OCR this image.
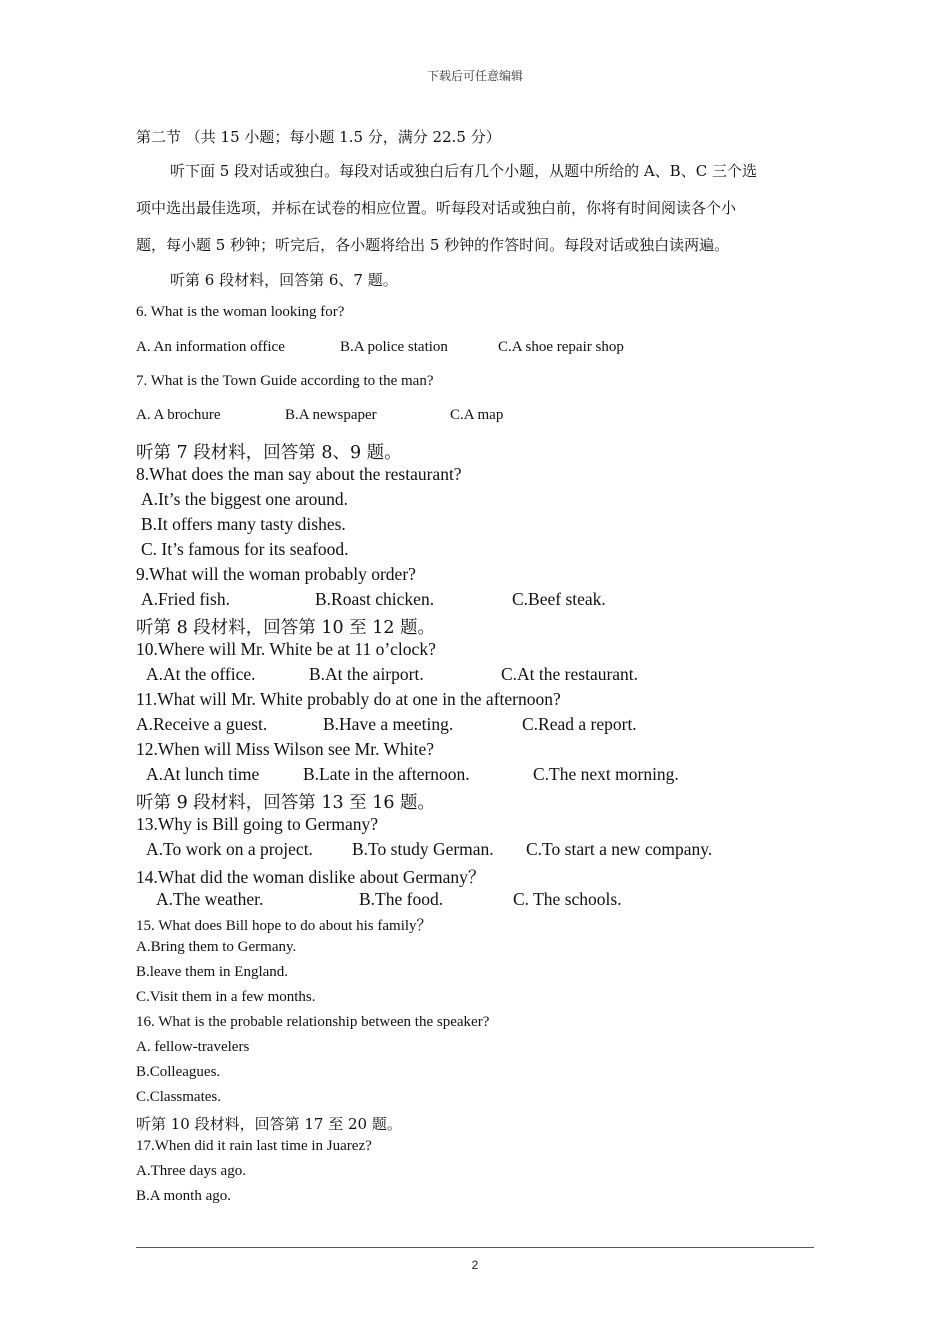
下载后可任意编辑
第二节 （共 15 小题；每小题 1.5 分，满分 22.5 分）
听下面 5 段对话或独白。每段对话或独白后有几个小题，从题中所给的 A、B、C 三个选
项中选出最佳选项，并标在试卷的相应位置。听每段对话或独白前，你将有时间阅读各个小
题，每小题 5 秒钟；听完后，各小题将给出 5 秒钟的作答时间。每段对话或独白读两遍。
听第 6 段材料，回答第 6、7 题。
6. What is the woman looking for?
A. An information office	B.A police station	C.A shoe repair shop
7. What is the Town Guide according to the man?
A. A brochure	B.A newspaper	C.A map
听第 7 段材料，回答第 8、9 题。
8.What does the man say about the restaurant?
A.It’s the biggest one around.
B.It offers many tasty dishes.
C. It’s famous for its seafood.
9.What will the woman probably order?
A.Fried fish.	B.Roast chicken.	C.Beef steak.
听第 8 段材料，回答第 10 至 12 题。
10.Where will Mr. White be at 11 o’clock?
A.At the office.	B.At the airport.	C.At the restaurant.
11.What will Mr. White probably do at one in the afternoon?
A.Receive a guest.	B.Have a meeting.	C.Read a report.
12.When will Miss Wilson see Mr. White?
A.At lunch time	B.Late in the afternoon.	C.The next morning.
听第 9 段材料，回答第 13 至 16 题。
13.Why is Bill going to Germany?
A.To work on a project. B.To study German. C.To start a new company.
14.What did the woman dislike about Germany？
A.The weather.	B.The food.	C. The schools.
15. What does Bill hope to do about his family？
A.Bring them to Germany.
B.leave them in England.
C.Visit them in a few months.
16. What is the probable relationship between the speaker?
A. fellow-travelers
B.Colleagues.
C.Classmates.
听第 10 段材料，回答第 17 至 20 题。
17.When did it rain last time in Juarez?
A.Three days ago.
B.A month ago.
2
